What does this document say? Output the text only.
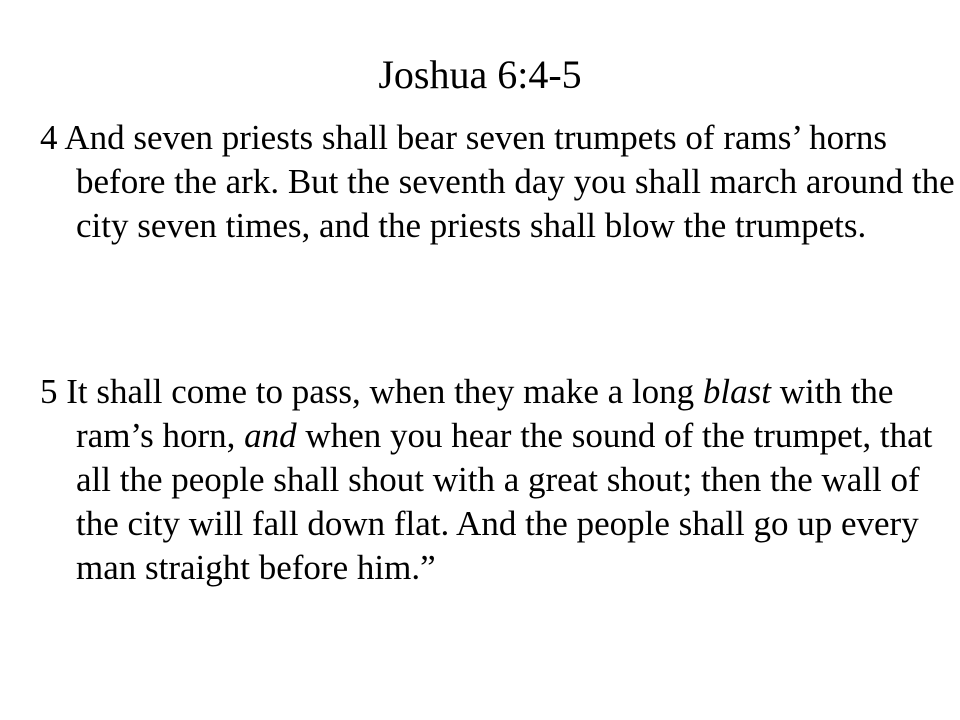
Joshua 6:4-5

4 And seven priests shall bear seven trumpets of rams’ horns before the ark. But the seventh day you shall march around the city seven times, and the priests shall blow the trumpets.

5 It shall come to pass, when they make a long blast with the ram’s horn, and when you hear the sound of the trumpet, that all the people shall shout with a great shout; then the wall of the city will fall down flat. And the people shall go up every man straight before him.”
